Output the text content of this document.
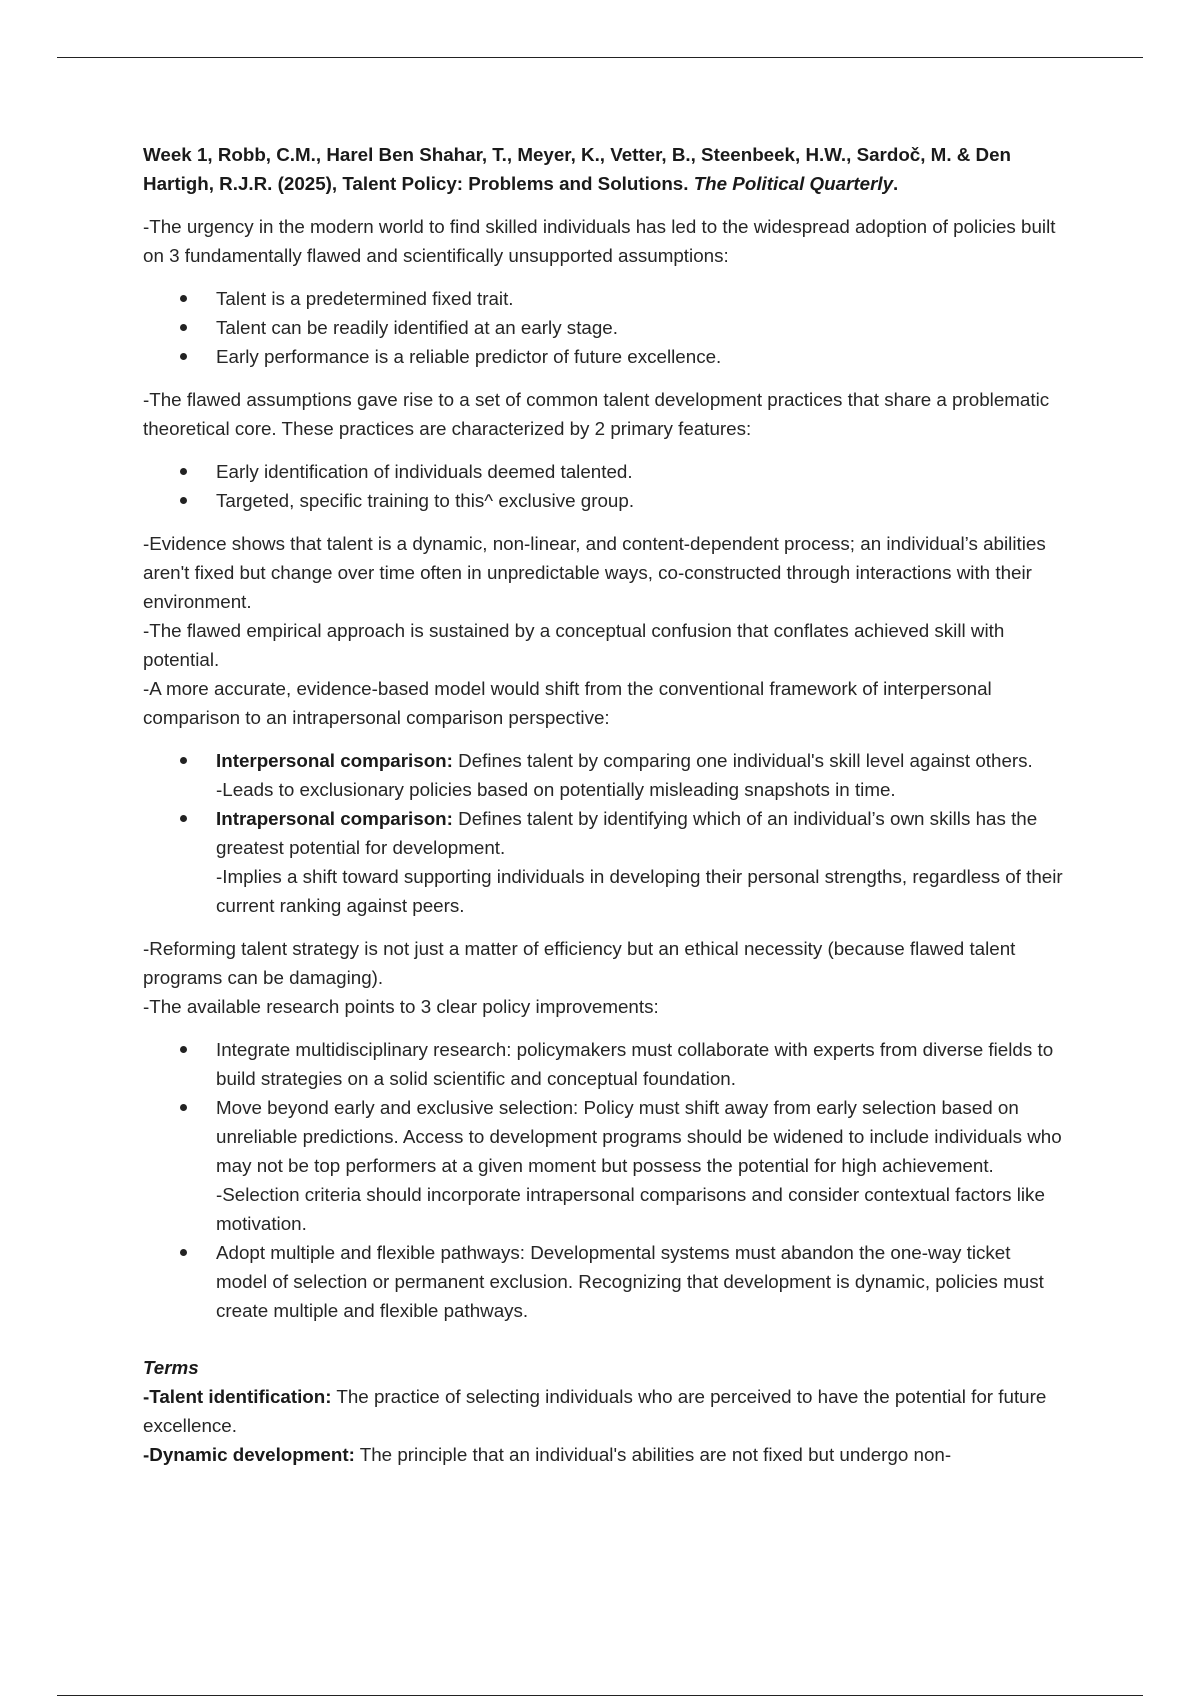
Week 1, Robb, C.M., Harel Ben Shahar, T., Meyer, K., Vetter, B., Steenbeek, H.W., Sardoč, M. & Den Hartigh, R.J.R. (2025), Talent Policy: Problems and Solutions. The Political Quarterly.

-The urgency in the modern world to find skilled individuals has led to the widespread adoption of policies built on 3 fundamentally flawed and scientifically unsupported assumptions:

Talent is a predetermined fixed trait.
Talent can be readily identified at an early stage.
Early performance is a reliable predictor of future excellence.

-The flawed assumptions gave rise to a set of common talent development practices that share a problematic theoretical core. These practices are characterized by 2 primary features:

Early identification of individuals deemed talented.
Targeted, specific training to this^ exclusive group.

-Evidence shows that talent is a dynamic, non-linear, and content-dependent process; an individual’s abilities aren't fixed but change over time often in unpredictable ways, co-constructed through interactions with their environment.

-The flawed empirical approach is sustained by a conceptual confusion that conflates achieved skill with potential.

-A more accurate, evidence-based model would shift from the conventional framework of interpersonal comparison to an intrapersonal comparison perspective:

Interpersonal comparison: Defines talent by comparing one individual's skill level against others.
-Leads to exclusionary policies based on potentially misleading snapshots in time.
Intrapersonal comparison: Defines talent by identifying which of an individual’s own skills has the greatest potential for development.
-Implies a shift toward supporting individuals in developing their personal strengths, regardless of their current ranking against peers.

-Reforming talent strategy is not just a matter of efficiency but an ethical necessity (because flawed talent programs can be damaging).

-The available research points to 3 clear policy improvements:

Integrate multidisciplinary research: policymakers must collaborate with experts from diverse fields to build strategies on a solid scientific and conceptual foundation.
Move beyond early and exclusive selection: Policy must shift away from early selection based on unreliable predictions. Access to development programs should be widened to include individuals who may not be top performers at a given moment but possess the potential for high achievement.
-Selection criteria should incorporate intrapersonal comparisons and consider contextual factors like motivation.
Adopt multiple and flexible pathways: Developmental systems must abandon the one-way ticket model of selection or permanent exclusion. Recognizing that development is dynamic, policies must create multiple and flexible pathways.

Terms

-Talent identification: The practice of selecting individuals who are perceived to have the potential for future excellence.

-Dynamic development: The principle that an individual's abilities are not fixed but undergo non-
